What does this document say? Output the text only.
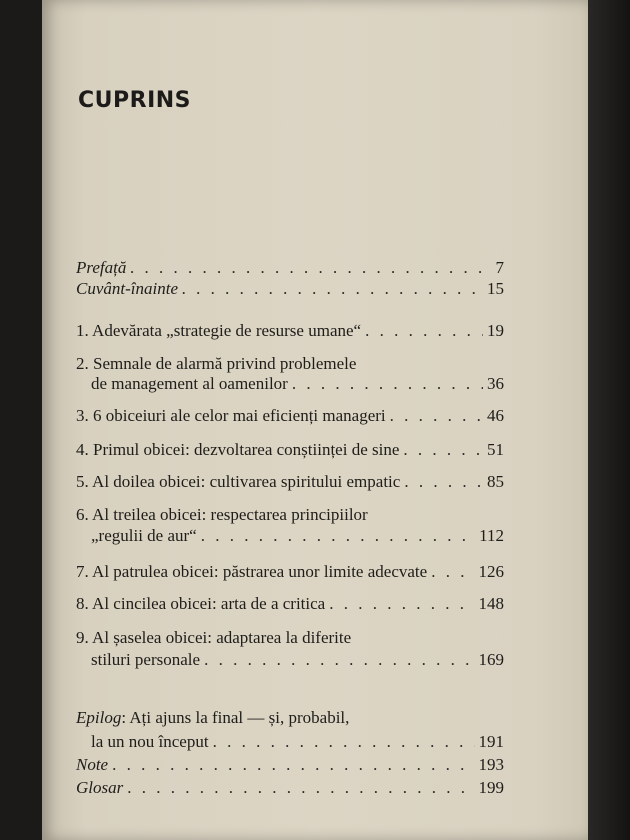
CUPRINS
Prefață . . .	7
Cuvânt-înainte . . .	15
1. Adevărata „strategie de resurse umane“ . . .	19
2. Semnale de alarmă privind problemele
de management al oamenilor . . .	36
3. 6 obiceiuri ale celor mai eficienți manageri . . .	46
4. Primul obicei: dezvoltarea conștiinței de sine . . .	51
5. Al doilea obicei: cultivarea spiritului empatic . . .	85
6. Al treilea obicei: respectarea principiilor
„regulii de aur“ . . .	112
7. Al patrulea obicei: păstrarea unor limite adecvate . . .	126
8. Al cincilea obicei: arta de a critica . . .	148
9. Al șaselea obicei: adaptarea la diferite
stiluri personale . . .	169
Epilog: Ați ajuns la final — și, probabil,
la un nou început . . .	191
Note . . .	193
Glosar . . .	199
